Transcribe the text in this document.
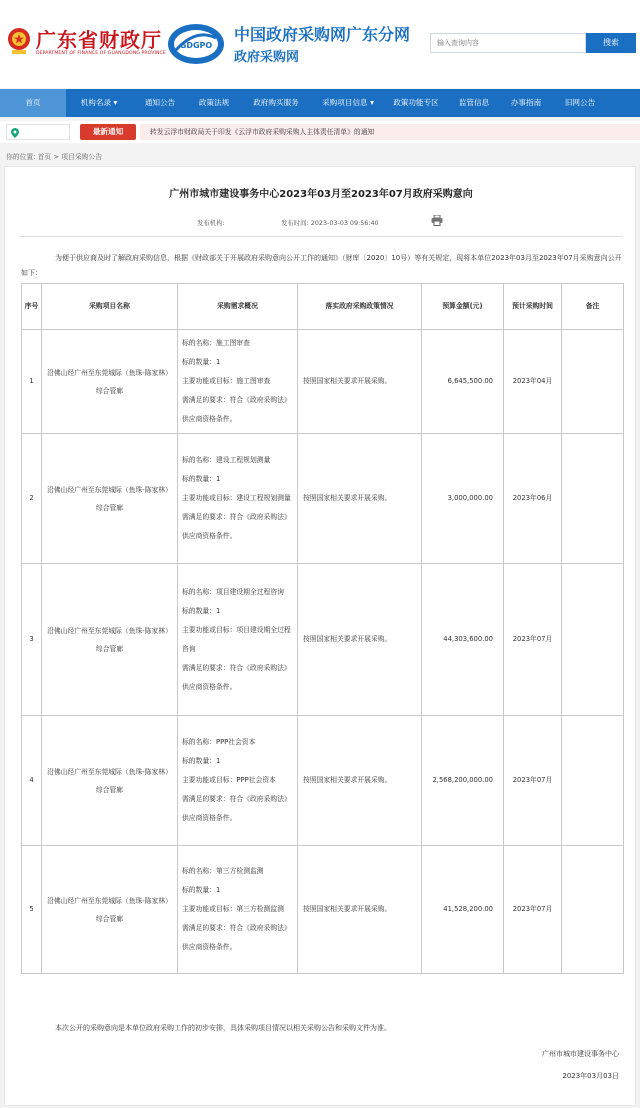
广东省财政厅
DEPARTMENT OF FINANCE OF GUANGDONG PROVINCE
GDGPO
中国政府采购网广东分网
政府采购网
输入查询内容
搜索
首页	机构名录 ▾	通知公告	政策法规	政府购买服务	采购项目信息 ▾	政策功能专区	监管信息	办事指南	旧网公告
最新通知	转发云浮市财政局关于印发《云浮市政府采购采购人主体责任清单》的通知
你的位置: 首页 > 项目采购公告
广州市城市建设事务中心2023年03月至2023年07月政府采购意向
发布机构:	发布时间: 2023-03-03 09:56:40
为便于供应商及时了解政府采购信息，根据《财政部关于开展政府采购意向公开工作的通知》（财库〔2020〕10号）等有关规定，现将本单位2023年03月至2023年07月采购意向公开如下：
序号	采购项目名称	采购需求概况	落实政府采购政策情况	预算金额(元)	预计采购时间	备注
1	沿佛山经广州至东莞城际（鱼珠-陈家林）综合管廊	标的名称：施工图审查
标的数量：1
主要功能或目标：施工图审查
需满足的要求：符合《政府采购法》供应商资格条件。	按照国家相关要求开展采购。	6,645,500.00	2023年04月	
2	沿佛山经广州至东莞城际（鱼珠-陈家林）综合管廊	标的名称：建设工程规划测量
标的数量：1
主要功能或目标：建设工程规划测量
需满足的要求：符合《政府采购法》供应商资格条件。	按照国家相关要求开展采购。	3,000,000.00	2023年06月	
3	沿佛山经广州至东莞城际（鱼珠-陈家林）综合管廊	标的名称：项目建设期全过程咨询
标的数量：1
主要功能或目标：项目建设期全过程咨询
需满足的要求：符合《政府采购法》供应商资格条件。	按照国家相关要求开展采购。	44,303,600.00	2023年07月	
4	沿佛山经广州至东莞城际（鱼珠-陈家林）综合管廊	标的名称：PPP社会资本
标的数量：1
主要功能或目标：PPP社会资本
需满足的要求：符合《政府采购法》供应商资格条件。	按照国家相关要求开展采购。	2,568,200,000.00	2023年07月	
5	沿佛山经广州至东莞城际（鱼珠-陈家林）综合管廊	标的名称：第三方检测监测
标的数量：1
主要功能或目标：第三方检测监测
需满足的要求：符合《政府采购法》供应商资格条件。	按照国家相关要求开展采购。	41,528,200.00	2023年07月	
本次公开的采购意向是本单位政府采购工作的初步安排，具体采购项目情况以相关采购公告和采购文件为准。
广州市城市建设事务中心
2023年03月03日
